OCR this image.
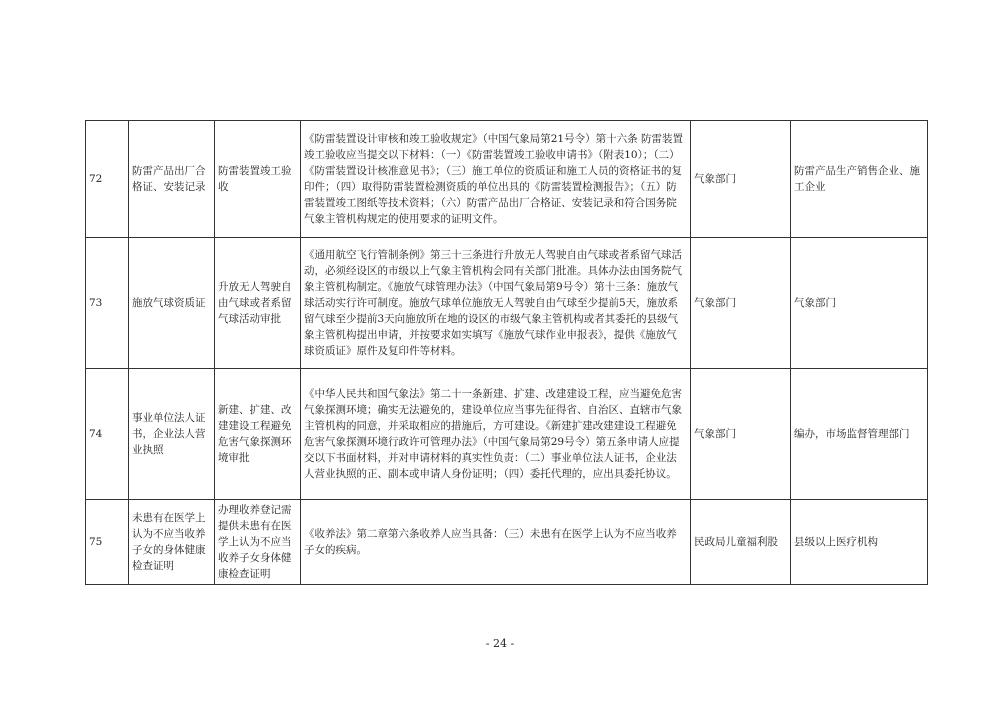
72	防雷产品出厂合格证、安装记录	防雷装置竣工验收	《防雷装置设计审核和竣工验收规定》（中国气象局第21号令）第十六条 防雷装置竣工验收应当提交以下材料：（一）《防雷装置竣工验收申请书》（附表10）；（二）《防雷装置设计核准意见书》；（三）施工单位的资质证和施工人员的资格证书的复印件；（四）取得防雷装置检测资质的单位出具的《防雷装置检测报告》；（五）防雷装置竣工图纸等技术资料；（六）防雷产品出厂合格证、安装记录和符合国务院气象主管机构规定的使用要求的证明文件。	气象部门	防雷产品生产销售企业、施工企业
73	施放气球资质证	升放无人驾驶自由气球或者系留气球活动审批	《通用航空飞行管制条例》第三十三条进行升放无人驾驶自由气球或者系留气球活动，必须经设区的市级以上气象主管机构会同有关部门批准。具体办法由国务院气象主管机构制定。《施放气球管理办法》（中国气象局第9号令）第十三条：施放气球活动实行许可制度。施放气球单位施放无人驾驶自由气球至少提前5天，施放系留气球至少提前3天向施放所在地的设区的市级气象主管机构或者其委托的县级气象主管机构提出申请，并按要求如实填写《施放气球作业申报表》，提供《施放气球资质证》原件及复印件等材料。	气象部门	气象部门
74	事业单位法人证书，企业法人营业执照	新建、扩建、改建建设工程避免危害气象探测环境审批	《中华人民共和国气象法》第二十一条新建、扩建、改建建设工程，应当避免危害气象探测环境；确实无法避免的，建设单位应当事先征得省、自治区、直辖市气象主管机构的同意，并采取相应的措施后，方可建设。《新建扩建改建建设工程避免危害气象探测环境行政许可管理办法》（中国气象局第29号令）第五条申请人应提交以下书面材料，并对申请材料的真实性负责：（二）事业单位法人证书，企业法人营业执照的正、副本或申请人身份证明；（四）委托代理的，应出具委托协议。	气象部门	编办，市场监督管理部门
75	未患有在医学上认为不应当收养子女的身体健康检查证明	办理收养登记需提供未患有在医学上认为不应当收养子女身体健康检查证明	《收养法》第二章第六条收养人应当具备：（三）未患有在医学上认为不应当收养子女的疾病。	民政局儿童福利股	县级以上医疗机构
- 24 -
